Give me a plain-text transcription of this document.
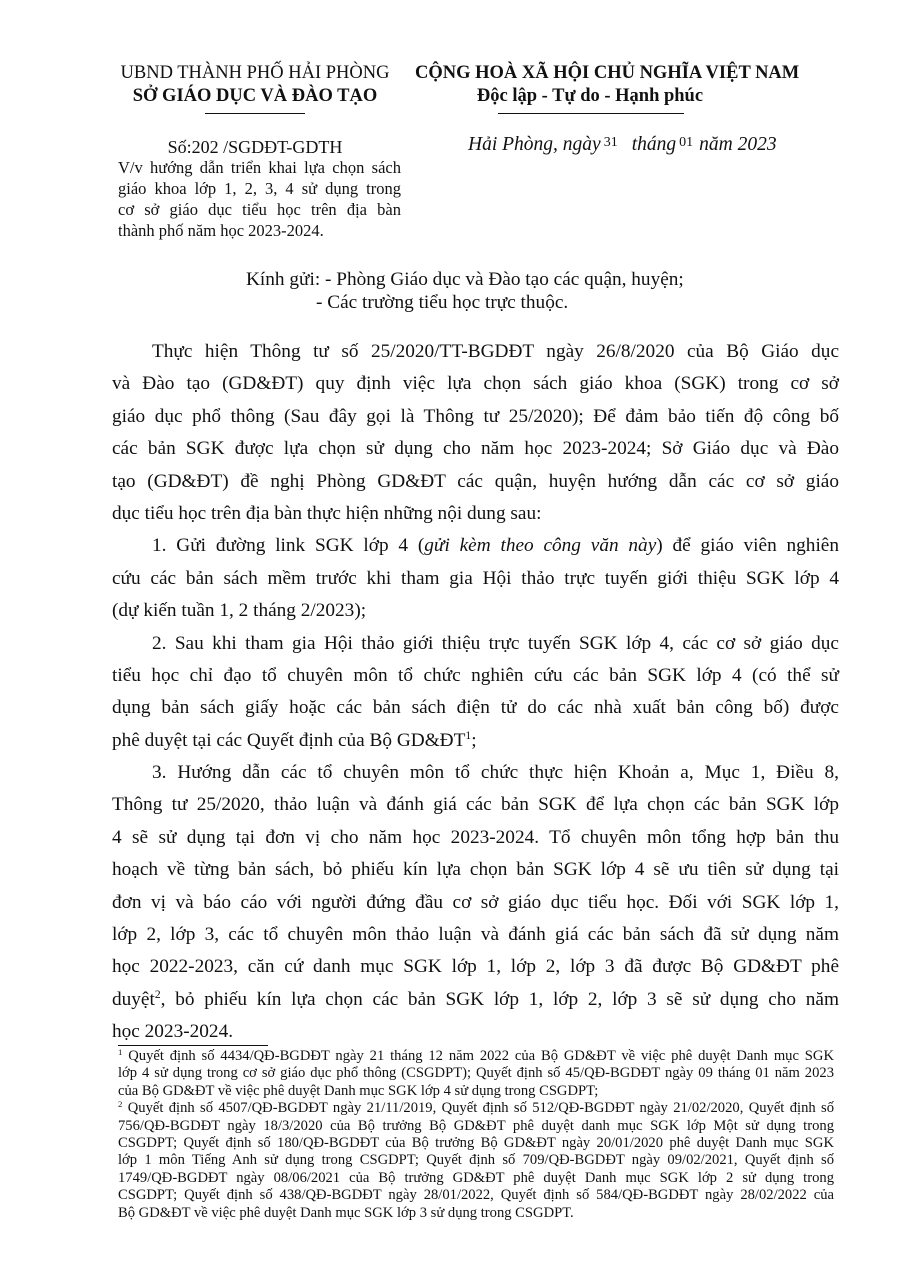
UBND THÀNH PHỐ HẢI PHÒNG
SỞ GIÁO DỤC VÀ ĐÀO TẠO
CỘNG HOÀ XÃ HỘI CHỦ NGHĨA VIỆT NAM
Độc lập - Tự do - Hạnh phúc
Số:202 /SGDĐT-GDTH
V/v hướng dẫn triển khai lựa chọn sách
giáo khoa lớp 1, 2, 3, 4 sử dụng trong
cơ sở giáo dục tiểu học trên địa bàn
thành phố năm học 2023-2024.
Hải Phòng, ngày $^{31}$ tháng $^{01}$ năm 2023
Kính gửi: - Phòng Giáo dục và Đào tạo các quận, huyện;
- Các trường tiểu học trực thuộc.
Thực hiện Thông tư số 25/2020/TT-BGDĐT ngày 26/8/2020 của Bộ Giáo dục
và Đào tạo (GD&ĐT) quy định việc lựa chọn sách giáo khoa (SGK) trong cơ sở
giáo dục phổ thông (Sau đây gọi là Thông tư 25/2020); Để đảm bảo tiến độ công bố
các bản SGK được lựa chọn sử dụng cho năm học 2023-2024; Sở Giáo dục và Đào
tạo (GD&ĐT) đề nghị Phòng GD&ĐT các quận, huyện hướng dẫn các cơ sở giáo
dục tiểu học trên địa bàn thực hiện những nội dung sau:
1. Gửi đường link SGK lớp 4 (gửi kèm theo công văn này) để giáo viên nghiên
cứu các bản sách mềm trước khi tham gia Hội thảo trực tuyến giới thiệu SGK lớp 4
(dự kiến tuần 1, 2 tháng 2/2023);
2. Sau khi tham gia Hội thảo giới thiệu trực tuyến SGK lớp 4, các cơ sở giáo dục
tiểu học chỉ đạo tổ chuyên môn tổ chức nghiên cứu các bản SGK lớp 4 (có thể sử
dụng bản sách giấy hoặc các bản sách điện tử do các nhà xuất bản công bố) được
phê duyệt tại các Quyết định của Bộ $GD\&ĐT^1$;
3. Hướng dẫn các tổ chuyên môn tổ chức thực hiện Khoản a, Mục 1, Điều 8,
Thông tư 25/2020, thảo luận và đánh giá các bản SGK để lựa chọn các bản SGK lớp
4 sẽ sử dụng tại đơn vị cho năm học 2023-2024. Tổ chuyên môn tổng hợp bản thu
hoạch về từng bản sách, bỏ phiếu kín lựa chọn bản SGK lớp 4 sẽ ưu tiên sử dụng tại
đơn vị và báo cáo với người đứng đầu cơ sở giáo dục tiểu học. Đối với SGK lớp 1,
lớp 2, lớp 3, các tổ chuyên môn thảo luận và đánh giá các bản sách đã sử dụng năm
học 2022-2023, căn cứ danh mục SGK lớp 1, lớp 2, lớp 3 đã được Bộ GD&ĐT phê
duyệt$^2$, bỏ phiếu kín lựa chọn các bản SGK lớp 1, lớp 2, lớp 3 sẽ sử dụng cho năm
học 2023-2024.
$^1$ Quyết định số 4434/QĐ-BGDĐT ngày 21 tháng 12 năm 2022 của Bộ GD&ĐT về việc phê duyệt Danh mục SGK
lớp 4 sử dụng trong cơ sở giáo dục phổ thông (CSGDPT); Quyết định số 45/QĐ-BGDĐT ngày 09 tháng 01 năm 2023
của Bộ GD&ĐT về việc phê duyệt Danh mục SGK lớp 4 sử dụng trong CSGDPT;
$^2$ Quyết định số 4507/QĐ-BGDĐT ngày 21/11/2019, Quyết định số 512/QĐ-BGDĐT ngày 21/02/2020, Quyết định số
756/QĐ-BGDĐT ngày 18/3/2020 của Bộ trưởng Bộ GD&ĐT phê duyệt danh mục SGK lớp Một sử dụng trong
CSGDPT; Quyết định số 180/QĐ-BGDĐT của Bộ trưởng Bộ GD&ĐT ngày 20/01/2020 phê duyệt Danh mục SGK
lớp 1 môn Tiếng Anh sử dụng trong CSGDPT; Quyết định số 709/QĐ-BGDĐT ngày 09/02/2021, Quyết định số
1749/QĐ-BGDĐT ngày 08/06/2021 của Bộ trưởng GD&ĐT phê duyệt Danh mục SGK lớp 2 sử dụng trong
CSGDPT; Quyết định số 438/QĐ-BGDĐT ngày 28/01/2022, Quyết định số 584/QĐ-BGDĐT ngày 28/02/2022 của
Bộ GD&ĐT về việc phê duyệt Danh mục SGK lớp 3 sử dụng trong CSGDPT.
